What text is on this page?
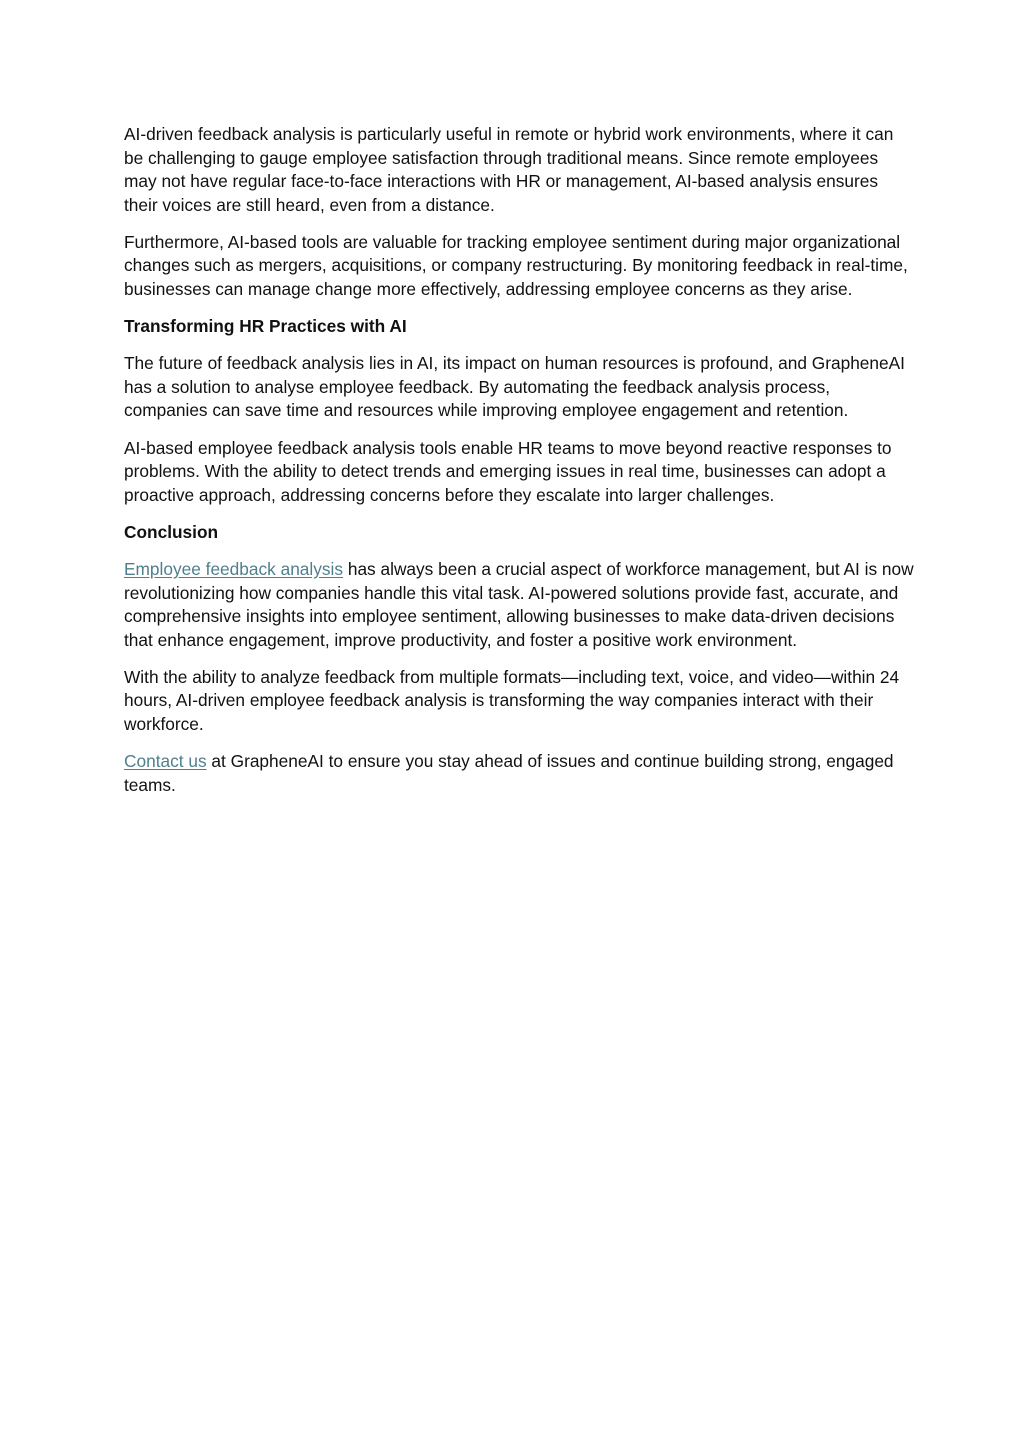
AI-driven feedback analysis is particularly useful in remote or hybrid work environments, where it can be challenging to gauge employee satisfaction through traditional means. Since remote employees may not have regular face-to-face interactions with HR or management, AI-based analysis ensures their voices are still heard, even from a distance.

Furthermore, AI-based tools are valuable for tracking employee sentiment during major organizational changes such as mergers, acquisitions, or company restructuring. By monitoring feedback in real-time, businesses can manage change more effectively, addressing employee concerns as they arise.

Transforming HR Practices with AI

The future of feedback analysis lies in AI, its impact on human resources is profound, and GrapheneAI has a solution to analyse employee feedback. By automating the feedback analysis process, companies can save time and resources while improving employee engagement and retention.

AI-based employee feedback analysis tools enable HR teams to move beyond reactive responses to problems. With the ability to detect trends and emerging issues in real time, businesses can adopt a proactive approach, addressing concerns before they escalate into larger challenges.

Conclusion

Employee feedback analysis has always been a crucial aspect of workforce management, but AI is now revolutionizing how companies handle this vital task. AI-powered solutions provide fast, accurate, and comprehensive insights into employee sentiment, allowing businesses to make data-driven decisions that enhance engagement, improve productivity, and foster a positive work environment.

With the ability to analyze feedback from multiple formats—including text, voice, and video—within 24 hours, AI-driven employee feedback analysis is transforming the way companies interact with their workforce.

Contact us at GrapheneAI to ensure you stay ahead of issues and continue building strong, engaged teams.
